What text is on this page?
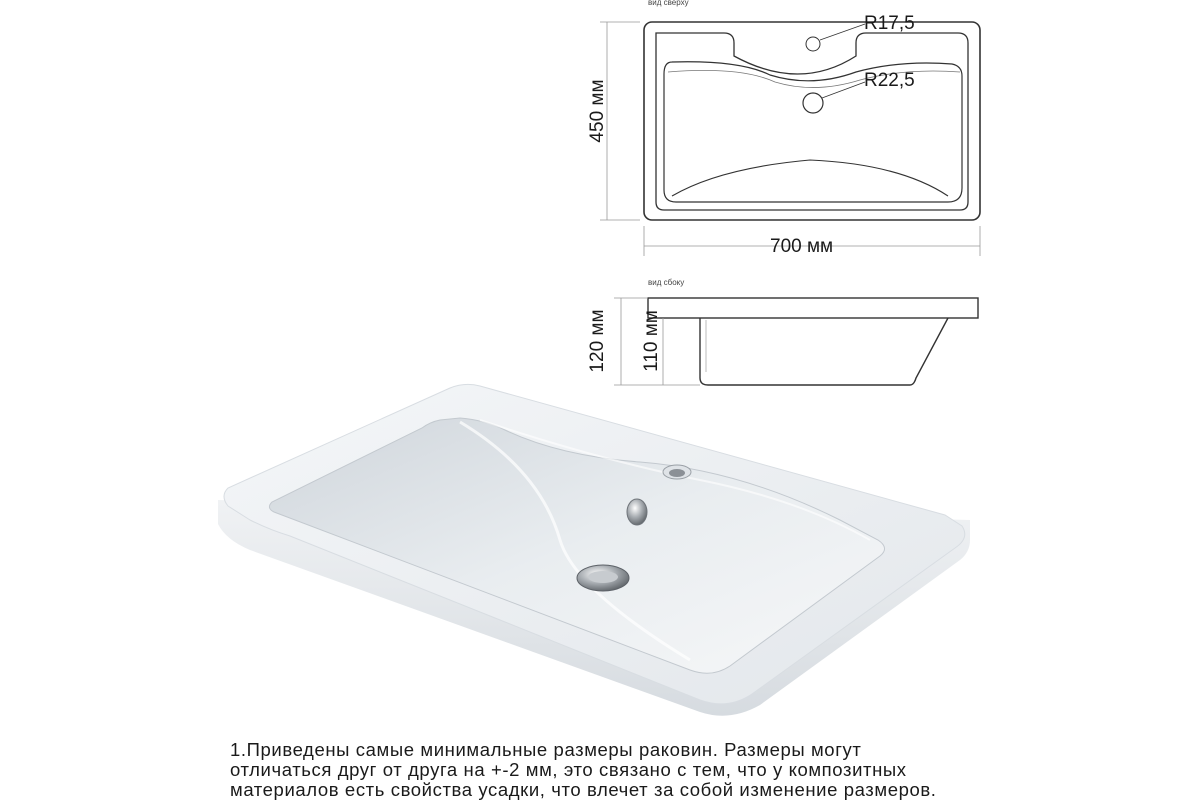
вид сверху
R17,5
R22,5
450 мм
700 мм
вид сбоку
120 мм 110 мм
1.Приведены самые минимальные размеры раковин. Размеры могут
отличаться друг от друга на +-2 мм, это связано с тем, что у композитных
материалов есть свойства усадки, что влечет за собой изменение размеров.
